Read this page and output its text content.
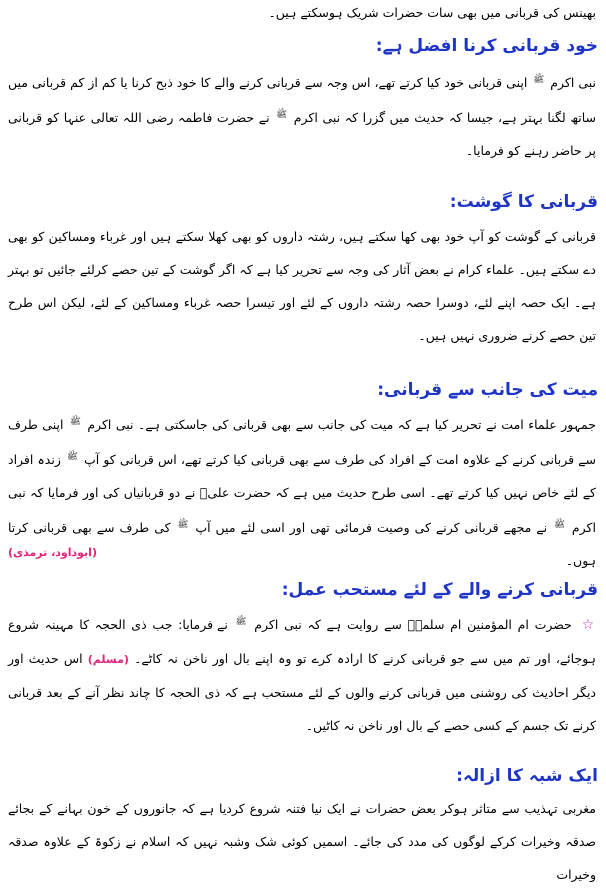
بھینس کی قربانی میں بھی سات حضرات شریک ہوسکتے ہیں۔
خود قربانی کرنا افضل ہے:
نبی اکرم ﷺ اپنی قربانی خود کیا کرتے تھے، اس وجہ سے قربانی کرنے والے کا خود ذبح کرنا یا کم از کم قربانی میں ساتھ لگنا بہتر ہے، جیسا کہ حدیث میں گزرا کہ نبی اکرم ﷺ نے حضرت فاطمہ رضی اللہ تعالی عنہا کو قربانی پر حاضر رہنے کو فرمایا۔
قربانی کا گوشت:
قربانی کے گوشت کو آپ خود بھی کھا سکتے ہیں، رشتہ داروں کو بھی کھلا سکتے ہیں اور غرباء ومساکین کو بھی دے سکتے ہیں۔ علماء کرام نے بعض آثار کی وجہ سے تحریر کیا ہے کہ اگر گوشت کے تین حصے کرلئے جائیں تو بہتر ہے۔ ایک حصہ اپنے لئے، دوسرا حصہ رشتہ داروں کے لئے اور تیسرا حصہ غرباء ومساکین کے لئے، لیکن اس طرح تین حصے کرنے ضروری نہیں ہیں۔
میت کی جانب سے قربانی:
جمہور علماء امت نے تحریر کیا ہے کہ میت کی جانب سے بھی قربانی کی جاسکتی ہے۔ نبی اکرم ﷺ اپنی طرف سے قربانی کرنے کے علاوہ امت کے افراد کی طرف سے بھی قربانی کیا کرتے تھے، اس قربانی کو آپ ﷺ زندہ افراد کے لئے خاص نہیں کیا کرتے تھے۔ اسی طرح حدیث میں ہے کہ حضرت علیؓ نے دو قربانیاں کی اور فرمایا کہ نبی اکرم ﷺ نے مجھے قربانی کرنے کی وصیت فرمائی تھی اور اسی لئے میں آپ ﷺ کی طرف سے بھی قربانی کرتا ہوں۔
(ابوداود، ترمذی)
قربانی کرنے والے کے لئے مستحب عمل:
☆ حضرت ام المؤمنین ام سلمہؓ سے روایت ہے کہ نبی اکرم ﷺ نے فرمایا: جب ذی الحجہ کا مہینہ شروع ہوجائے، اور تم میں سے جو قربانی کرنے کا ارادہ کرے تو وہ اپنے بال اور ناخن نہ کاٹے۔ (مسلم) اس حدیث اور دیگر احادیث کی روشنی میں قربانی کرنے والوں کے لئے مستحب ہے کہ ذی الحجہ کا چاند نظر آنے کے بعد قربانی کرنے تک جسم کے کسی حصے کے بال اور ناخن نہ کاٹیں۔
ایک شبہ کا ازالہ:
مغربی تہذیب سے متاثر ہوکر بعض حضرات نے ایک نیا فتنہ شروع کردیا ہے کہ جانوروں کے خون بہانے کے بجائے صدقہ وخیرات کرکے لوگوں کی مدد کی جائے۔ اسمیں کوئی شک وشبہ نہیں کہ اسلام نے زکوۃ کے علاوہ صدقہ وخیرات
